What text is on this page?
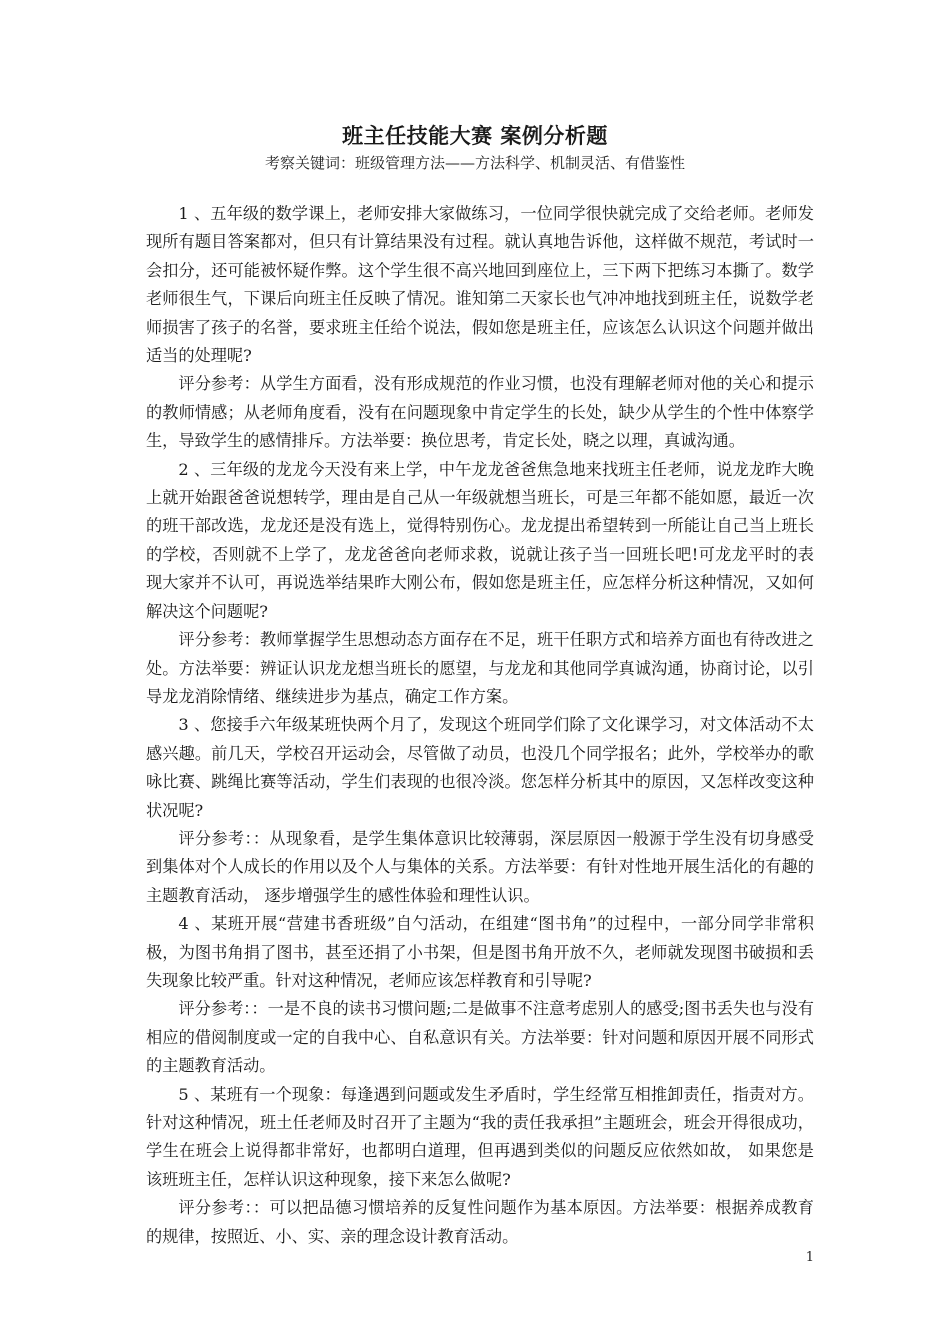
班主任技能大赛 案例分析题

考察关键词：班级管理方法——方法科学、机制灵活、有借鉴性

1 、五年级的数学课上，老师安排大家做练习，一位同学很快就完成了交给老师。老师发现所有题目答案都对，但只有计算结果没有过程。就认真地告诉他，这样做不规范，考试时一会扣分，还可能被怀疑作弊。这个学生很不高兴地回到座位上，三下两下把练习本撕了。数学老师很生气，下课后向班主任反映了情况。谁知第二天家长也气冲冲地找到班主任，说数学老师损害了孩子的名誉，要求班主任给个说法，假如您是班主任，应该怎么认识这个问题并做出适当的处理呢?

评分参考：从学生方面看，没有形成规范的作业习惯，也没有理解老师对他的关心和提示的教师情感；从老师角度看，没有在问题现象中肯定学生的长处，缺少从学生的个性中体察学生，导致学生的感情排斥。方法举要：换位思考，肯定长处，晓之以理，真诚沟通。

2 、三年级的龙龙今天没有来上学，中午龙龙爸爸焦急地来找班主任老师，说龙龙昨大晚上就开始跟爸爸说想转学，理由是自己从一年级就想当班长，可是三年都不能如愿，最近一次的班干部改选，龙龙还是没有选上，觉得特别伤心。龙龙提出希望转到一所能让自己当上班长的学校，否则就不上学了，龙龙爸爸向老师求救，说就让孩子当一回班长吧!可龙龙平时的表现大家并不认可，再说选举结果昨大刚公布，假如您是班主任，应怎样分析这种情况，又如何解决这个问题呢?

评分参考：教师掌握学生思想动态方面存在不足，班干任职方式和培养方面也有待改进之处。方法举要：辨证认识龙龙想当班长的愿望，与龙龙和其他同学真诚沟通，协商讨论，以引导龙龙消除情绪、继续进步为基点，确定工作方案。

3 、您接手六年级某班快两个月了，发现这个班同学们除了文化课学习，对文体活动不太感兴趣。前几天，学校召开运动会，尽管做了动员，也没几个同学报名；此外，学校举办的歌咏比赛、跳绳比赛等活动，学生们表现的也很冷淡。您怎样分析其中的原因，又怎样改变这种状况呢?

评分参考：：从现象看，是学生集体意识比较薄弱，深层原因一般源于学生没有切身感受到集体对个人成长的作用以及个人与集体的关系。方法举要：有针对性地开展生活化的有趣的主题教育活动， 逐步增强学生的感性体验和理性认识。

4 、某班开展“营建书香班级”自勺活动，在组建“图书角”的过程中，一部分同学非常积极，为图书角捐了图书，甚至还捐了小书架，但是图书角开放不久，老师就发现图书破损和丢失现象比较严重。针对这种情况，老师应该怎样教育和引导呢?

评分参考：：一是不良的读书习惯问题;二是做事不注意考虑别人的感受;图书丢失也与没有相应的借阅制度或一定的自我中心、自私意识有关。方法举要：针对问题和原因开展不同形式的主题教育活动。

5 、某班有一个现象：每逢遇到问题或发生矛盾时，学生经常互相推卸责任，指责对方。针对这种情况，班土任老师及时召开了主题为“我的责任我承担”主题班会，班会开得很成功，学生在班会上说得都非常好，也都明白道理，但再遇到类似的问题反应依然如故， 如果您是该班班主任，怎样认识这种现象，接下来怎么做呢?

评分参考：：可以把品德习惯培养的反复性问题作为基本原因。方法举要：根据养成教育的规律，按照近、小、实、亲的理念设计教育活动。

1
